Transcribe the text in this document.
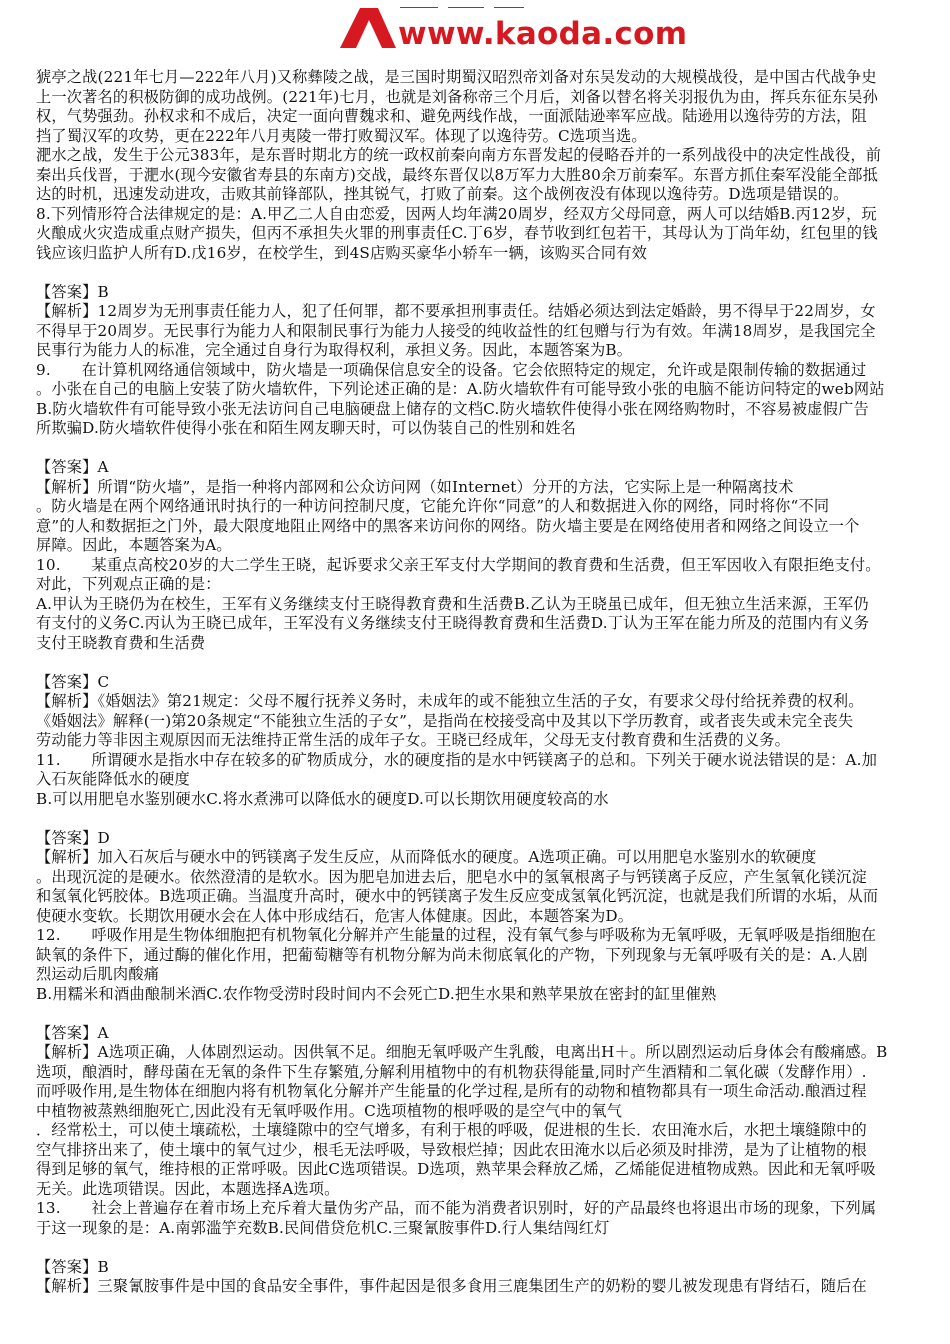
www.kaoda.com

猇亭之战(221年七月—222年八月)又称彝陵之战，是三国时期蜀汉昭烈帝刘备对东吴发动的大规模战役，是中国古代战争史

上一次著名的积极防御的成功战例。(221年)七月，也就是刘备称帝三个月后，刘备以替名将关羽报仇为由，挥兵东征东吴孙

权，气势强劲。孙权求和不成后，决定一面向曹魏求和、避免两线作战，一面派陆逊率军应战。陆逊用以逸待劳的方法，阻

挡了蜀汉军的攻势，更在222年八月夷陵一带打败蜀汉军。体现了以逸待劳。C选项当选。

淝水之战，发生于公元383年，是东晋时期北方的统一政权前秦向南方东晋发起的侵略吞并的一系列战役中的决定性战役，前

秦出兵伐晋，于淝水(现今安徽省寿县的东南方)交战，最终东晋仅以8万军力大胜80余万前秦军。东晋方抓住秦军没能全部抵

达的时机，迅速发动进攻，击败其前锋部队，挫其锐气，打败了前秦。这个战例夜没有体现以逸待劳。D选项是错误的。

8.下列情形符合法律规定的是：A.甲乙二人自由恋爱，因两人均年满20周岁，经双方父母同意，两人可以结婚B.丙12岁，玩

火酿成火灾造成重点财产损失，但丙不承担失火罪的刑事责任C.丁6岁，春节收到红包若干，其母认为丁尚年幼，红包里的钱

钱应该归监护人所有D.戊16岁，在校学生，到4S店购买豪华小轿车一辆，该购买合同有效

【答案】B

【解析】12周岁为无刑事责任能力人，犯了任何罪，都不要承担刑事责任。结婚必须达到法定婚龄，男不得早于22周岁，女

不得早于20周岁。无民事行为能力人和限制民事行为能力人接受的纯收益性的红包赠与行为有效。年满18周岁，是我国完全

民事行为能力人的标准，完全通过自身行为取得权利，承担义务。因此，本题答案为B。

9.　　在计算机网络通信领域中，防火墙是一项确保信息安全的设备。它会依照特定的规定，允许或是限制传输的数据通过

。小张在自己的电脑上安装了防火墙软件，下列论述正确的是：A.防火墙软件有可能导致小张的电脑不能访问特定的web网站

B.防火墙软件有可能导致小张无法访问自己电脑硬盘上储存的文档C.防火墙软件使得小张在网络购物时，不容易被虚假广告

所欺骗D.防火墙软件使得小张在和陌生网友聊天时，可以伪装自己的性别和姓名

【答案】A

【解析】所谓“防火墙”，是指一种将内部网和公众访问网（如Internet）分开的方法，它实际上是一种隔离技术

。防火墙是在两个网络通讯时执行的一种访问控制尺度，它能允许你“同意”的人和数据进入你的网络，同时将你“不同

意”的人和数据拒之门外，最大限度地阻止网络中的黑客来访问你的网络。防火墙主要是在网络使用者和网络之间设立一个

屏障。因此，本题答案为A。

10.　　某重点高校20岁的大二学生王晓，起诉要求父亲王军支付大学期间的教育费和生活费，但王军因收入有限拒绝支付。

对此，下列观点正确的是：

A.甲认为王晓仍为在校生，王军有义务继续支付王晓得教育费和生活费B.乙认为王晓虽已成年，但无独立生活来源，王军仍

有支付的义务C.丙认为王晓已成年，王军没有义务继续支付王晓得教育费和生活费D.丁认为王军在能力所及的范围内有义务

支付王晓教育费和生活费

【答案】C

【解析】《婚姻法》第21规定：父母不履行抚养义务时，未成年的或不能独立生活的子女，有要求父母付给抚养费的权利。

《婚姻法》解释(一)第20条规定“不能独立生活的子女”，是指尚在校接受高中及其以下学历教育，或者丧失或未完全丧失

劳动能力等非因主观原因而无法维持正常生活的成年子女。王晓已经成年，父母无支付教育费和生活费的义务。

11.　　所谓硬水是指水中存在较多的矿物质成分，水的硬度指的是水中钙镁离子的总和。下列关于硬水说法错误的是：A.加

入石灰能降低水的硬度

B.可以用肥皂水鉴别硬水C.将水煮沸可以降低水的硬度D.可以长期饮用硬度较高的水

【答案】D

【解析】加入石灰后与硬水中的钙镁离子发生反应，从而降低水的硬度。A选项正确。可以用肥皂水鉴别水的软硬度

。出现沉淀的是硬水。依然澄清的是软水。因为肥皂加进去后，肥皂水中的氢氧根离子与钙镁离子反应，产生氢氧化镁沉淀

和氢氧化钙胶体。B选项正确。当温度升高时，硬水中的钙镁离子发生反应变成氢氧化钙沉淀，也就是我们所谓的水垢，从而

使硬水变软。长期饮用硬水会在人体中形成结石，危害人体健康。因此，本题答案为D。

12.　　呼吸作用是生物体细胞把有机物氧化分解并产生能量的过程，没有氧气参与呼吸称为无氧呼吸，无氧呼吸是指细胞在

缺氧的条件下，通过酶的催化作用，把葡萄糖等有机物分解为尚未彻底氧化的产物，下列现象与无氧呼吸有关的是：A.人剧

烈运动后肌肉酸痛

B.用糯米和酒曲酿制米酒C.农作物受涝时段时间内不会死亡D.把生水果和熟苹果放在密封的缸里催熟

【答案】A

【解析】A选项正确，人体剧烈运动。因供氧不足。细胞无氧呼吸产生乳酸，电离出H＋。所以剧烈运动后身体会有酸痛感。B

选项，酿酒时，酵母菌在无氧的条件下生存繁殖,分解利用植物中的有机物获得能量,同时产生酒精和二氧化碳（发酵作用）.

而呼吸作用,是生物体在细胞内将有机物氧化分解并产生能量的化学过程,是所有的动物和植物都具有一项生命活动.酿酒过程

中植物被蒸熟细胞死亡,因此没有无氧呼吸作用。C选项植物的根呼吸的是空气中的氧气

．经常松土，可以使土壤疏松，土壤缝隙中的空气增多，有利于根的呼吸，促进根的生长．农田淹水后，水把土壤缝隙中的

空气排挤出来了，使土壤中的氧气过少，根毛无法呼吸，导致根烂掉；因此农田淹水以后必须及时排涝，是为了让植物的根

得到足够的氧气，维持根的正常呼吸。因此C选项错误。D选项，熟苹果会释放乙烯，乙烯能促进植物成熟。因此和无氧呼吸

无关。此选项错误。因此，本题选择A选项。

13.　　社会上普遍存在着市场上充斥着大量伪劣产品，而不能为消费者识别时，好的产品最终也将退出市场的现象，下列属

于这一现象的是：A.南郭滥竽充数B.民间借贷危机C.三聚氰胺事件D.行人集结闯红灯

【答案】B

【解析】三聚氰胺事件是中国的食品安全事件，事件起因是很多食用三鹿集团生产的奶粉的婴儿被发现患有肾结石，随后在
